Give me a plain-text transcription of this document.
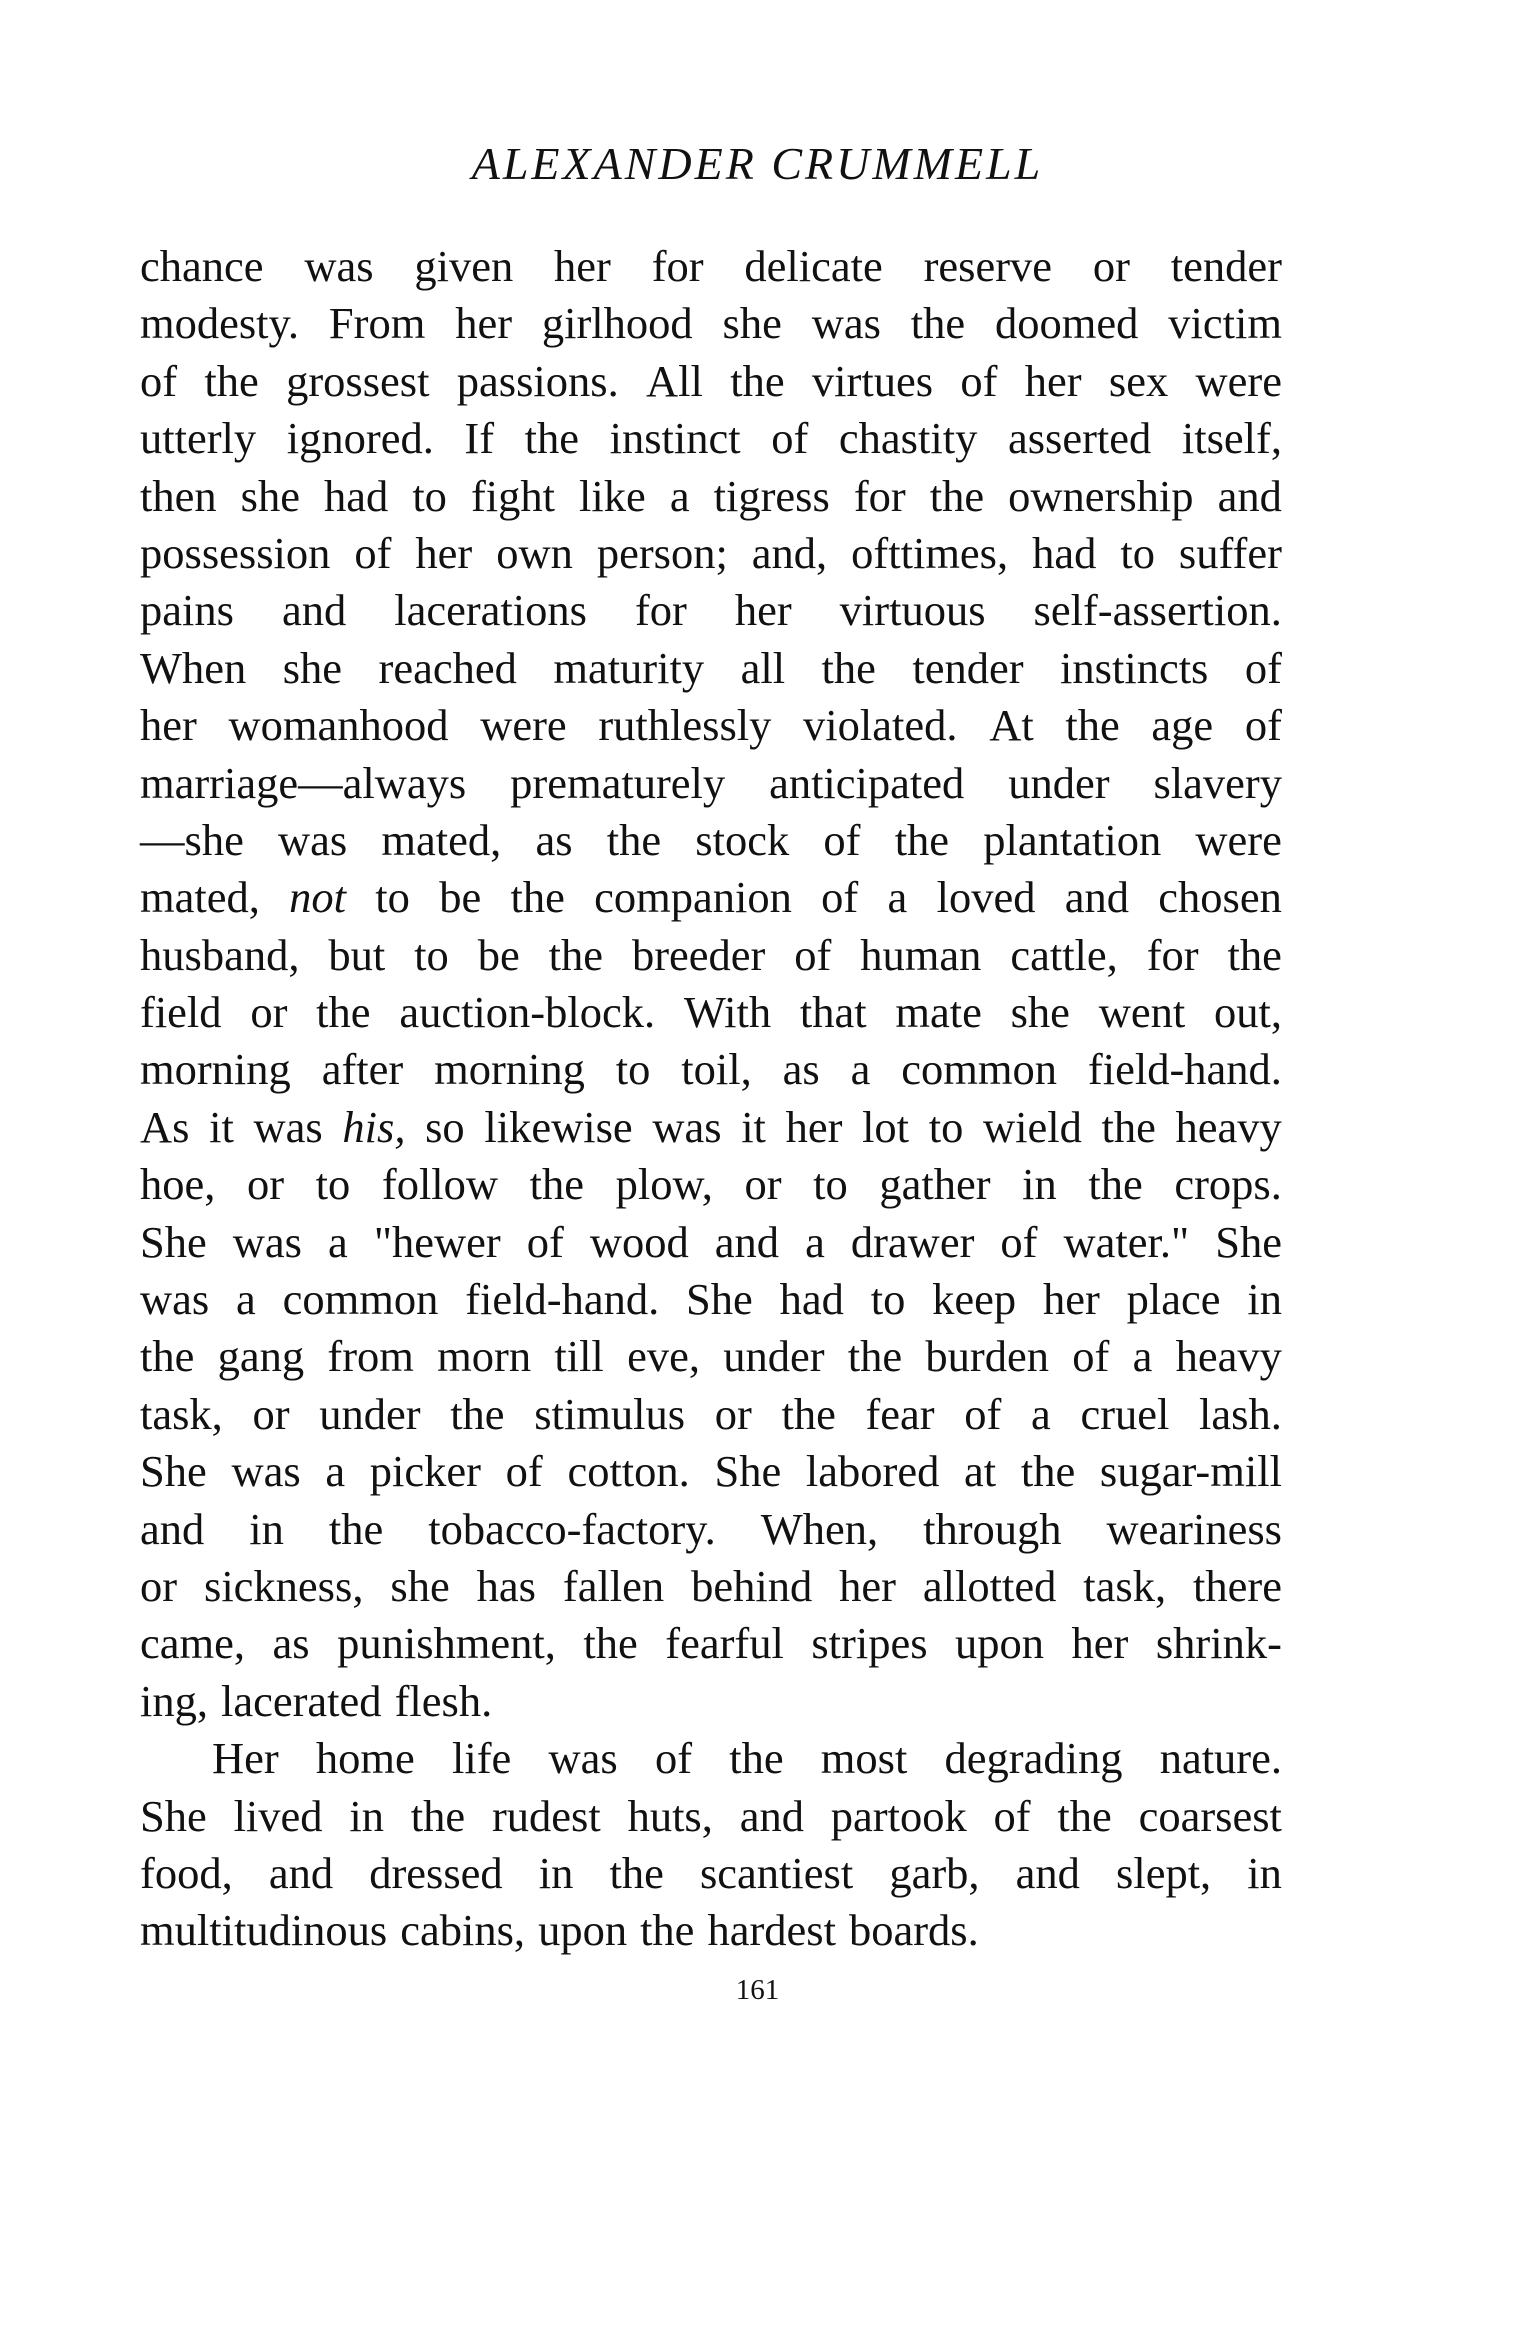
ALEXANDER CRUMMELL
chance was given her for delicate reserve or tender
modesty. From her girlhood she was the doomed victim
of the grossest passions. All the virtues of her sex were
utterly ignored. If the instinct of chastity asserted itself,
then she had to fight like a tigress for the ownership and
possession of her own person; and, ofttimes, had to suffer
pains and lacerations for her virtuous self-assertion.
When she reached maturity all the tender instincts of
her womanhood were ruthlessly violated. At the age of
marriage—always prematurely anticipated under slavery
—she was mated, as the stock of the plantation were
mated, not to be the companion of a loved and chosen
husband, but to be the breeder of human cattle, for the
field or the auction-block. With that mate she went out,
morning after morning to toil, as a common field-hand.
As it was his, so likewise was it her lot to wield the heavy
hoe, or to follow the plow, or to gather in the crops.
She was a "hewer of wood and a drawer of water." She
was a common field-hand. She had to keep her place in
the gang from morn till eve, under the burden of a heavy
task, or under the stimulus or the fear of a cruel lash.
She was a picker of cotton. She labored at the sugar-mill
and in the tobacco-factory. When, through weariness
or sickness, she has fallen behind her allotted task, there
came, as punishment, the fearful stripes upon her shrink-
ing, lacerated flesh.
Her home life was of the most degrading nature.
She lived in the rudest huts, and partook of the coarsest
food, and dressed in the scantiest garb, and slept, in
multitudinous cabins, upon the hardest boards.
161
